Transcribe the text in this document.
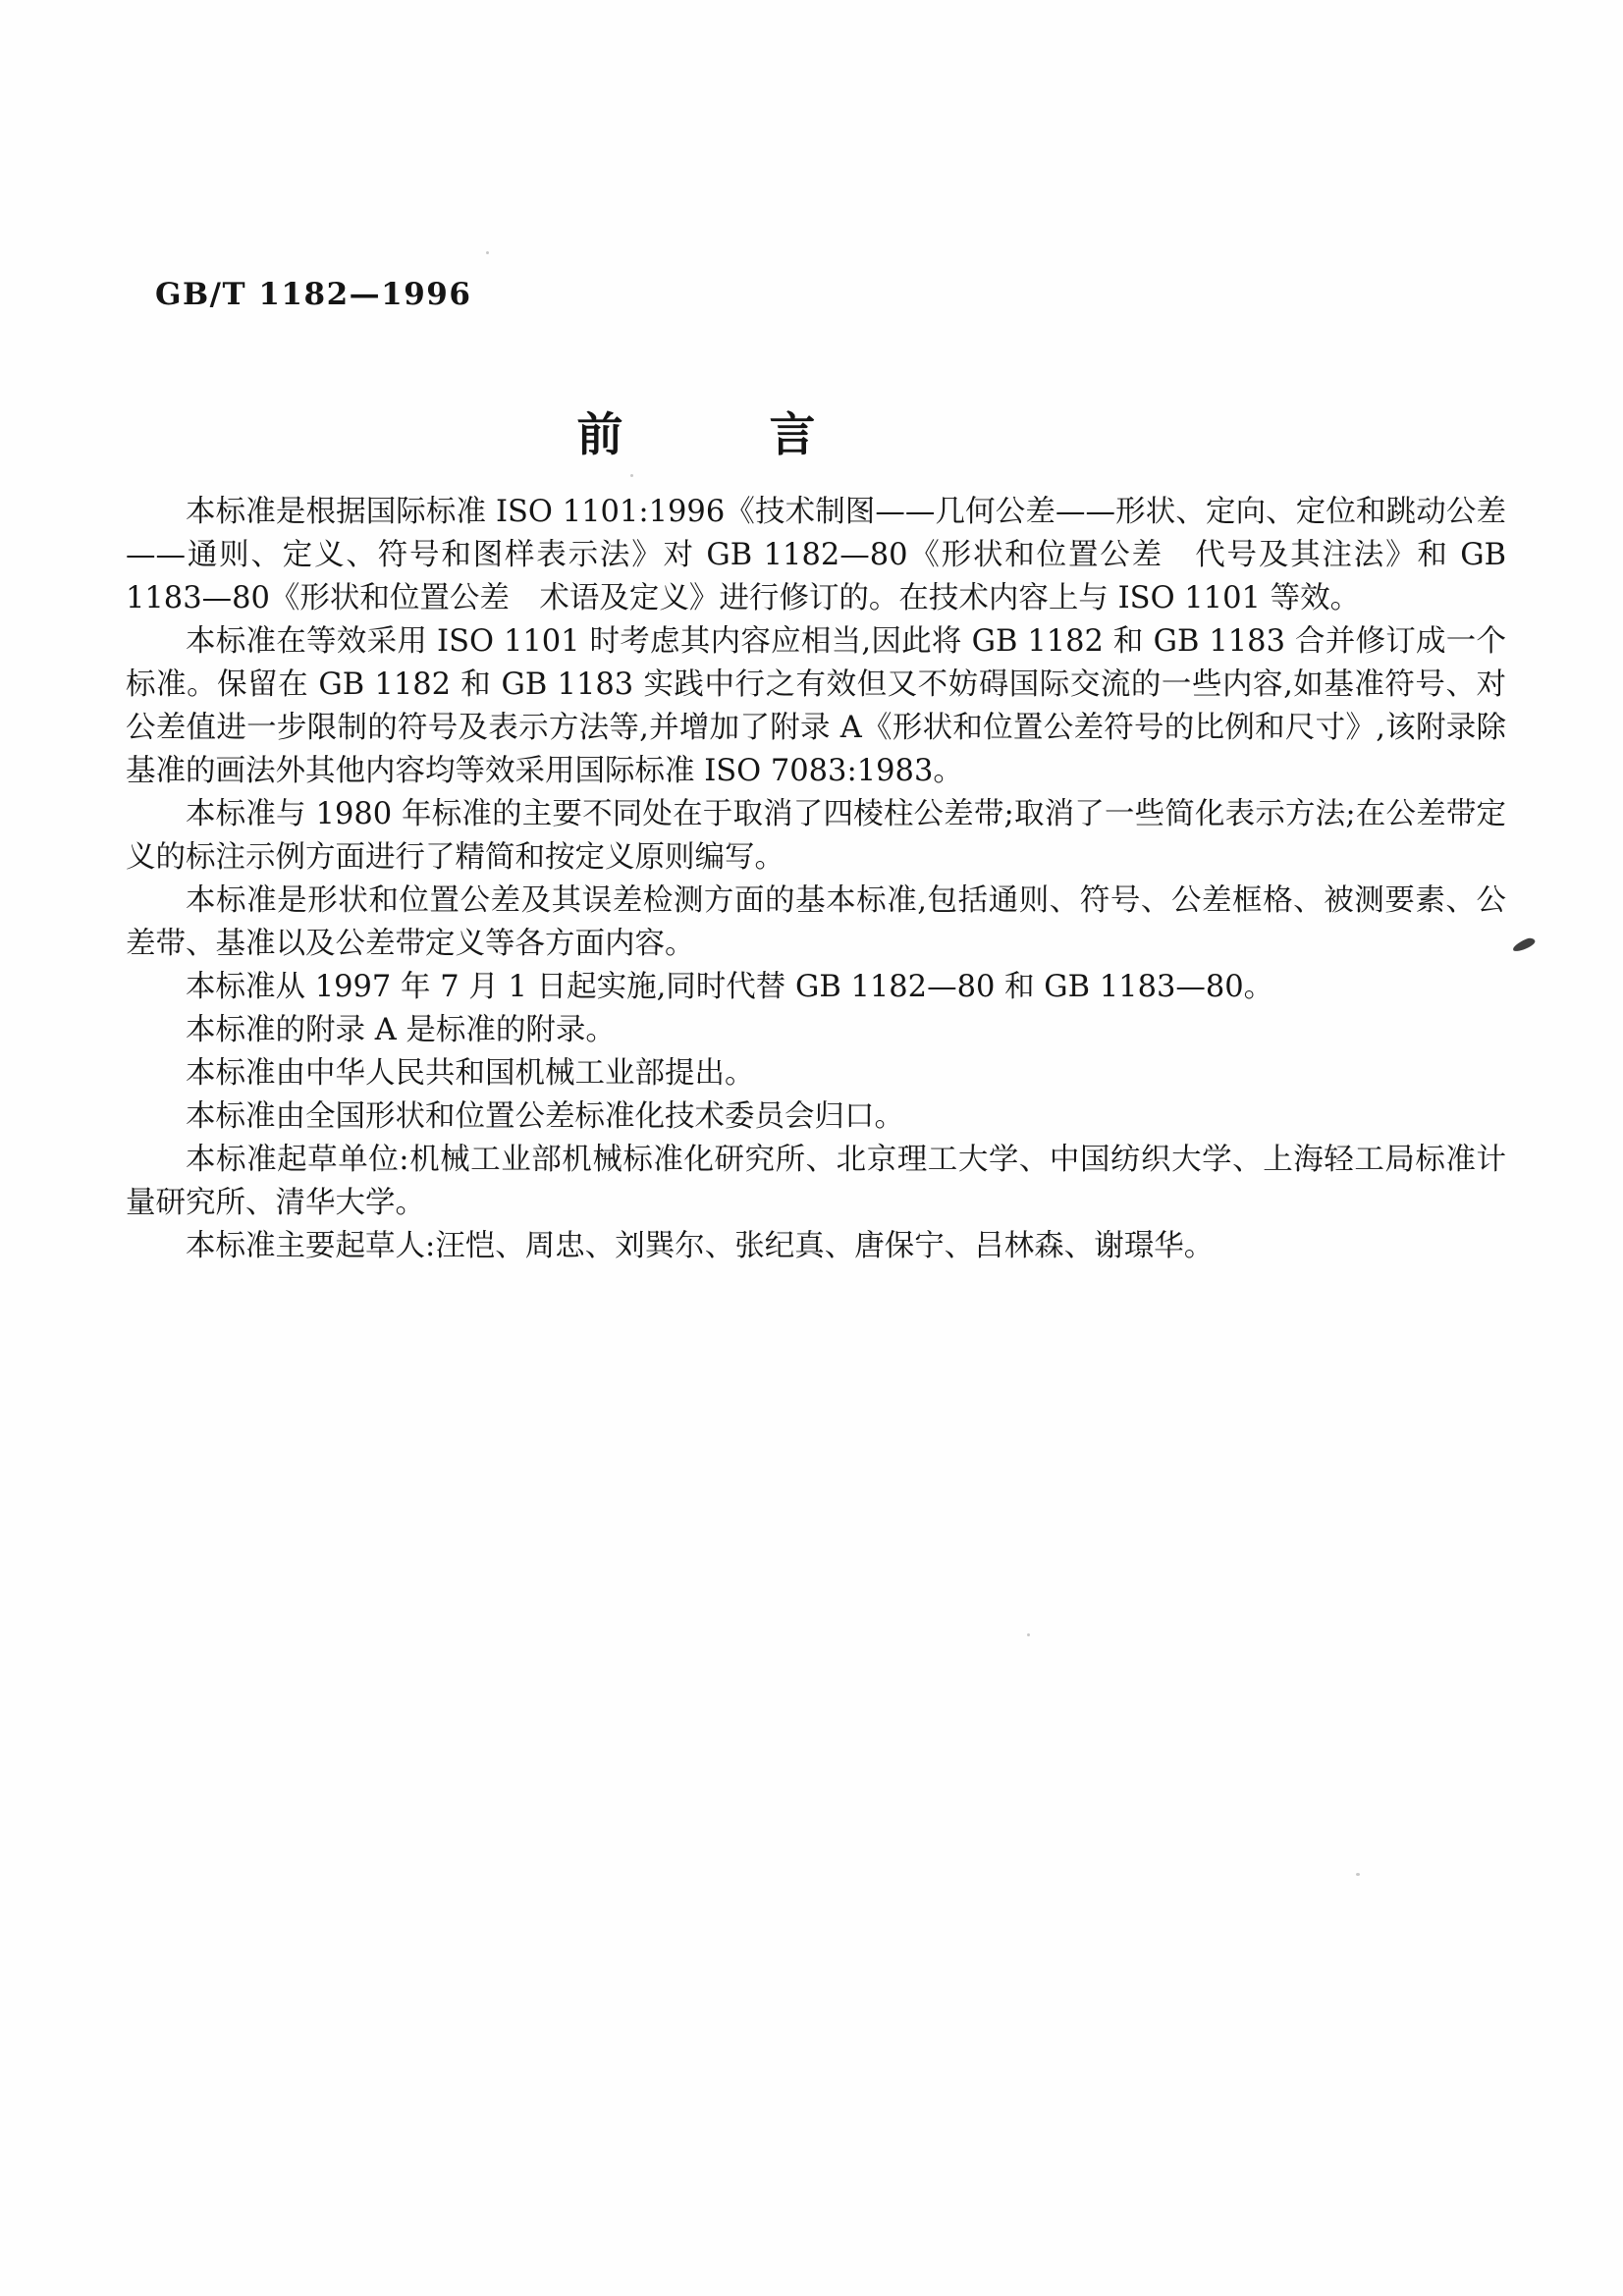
GB/T 1182—1996
前　　　言

本标准是根据国际标准 ISO 1101:1996《技术制图——几何公差——形状、定向、定位和跳动公差——通则、定义、符号和图样表示法》对 GB 1182—80《形状和位置公差　代号及其注法》和 GB 1183—80《形状和位置公差　术语及定义》进行修订的。在技术内容上与 ISO 1101 等效。

本标准在等效采用 ISO 1101 时考虑其内容应相当,因此将 GB 1182 和 GB 1183 合并修订成一个标准。保留在 GB 1182 和 GB 1183 实践中行之有效但又不妨碍国际交流的一些内容,如基准符号、对公差值进一步限制的符号及表示方法等,并增加了附录 A《形状和位置公差符号的比例和尺寸》,该附录除基准的画法外其他内容均等效采用国际标准 ISO 7083:1983。

本标准与 1980 年标准的主要不同处在于取消了四棱柱公差带;取消了一些简化表示方法;在公差带定义的标注示例方面进行了精简和按定义原则编写。

本标准是形状和位置公差及其误差检测方面的基本标准,包括通则、符号、公差框格、被测要素、公差带、基准以及公差带定义等各方面内容。

本标准从 1997 年 7 月 1 日起实施,同时代替 GB 1182—80 和 GB 1183—80。

本标准的附录 A 是标准的附录。

本标准由中华人民共和国机械工业部提出。

本标准由全国形状和位置公差标准化技术委员会归口。

本标准起草单位:机械工业部机械标准化研究所、北京理工大学、中国纺织大学、上海轻工局标准计量研究所、清华大学。

本标准主要起草人:汪恺、周忠、刘巽尔、张纪真、唐保宁、吕林森、谢璟华。
